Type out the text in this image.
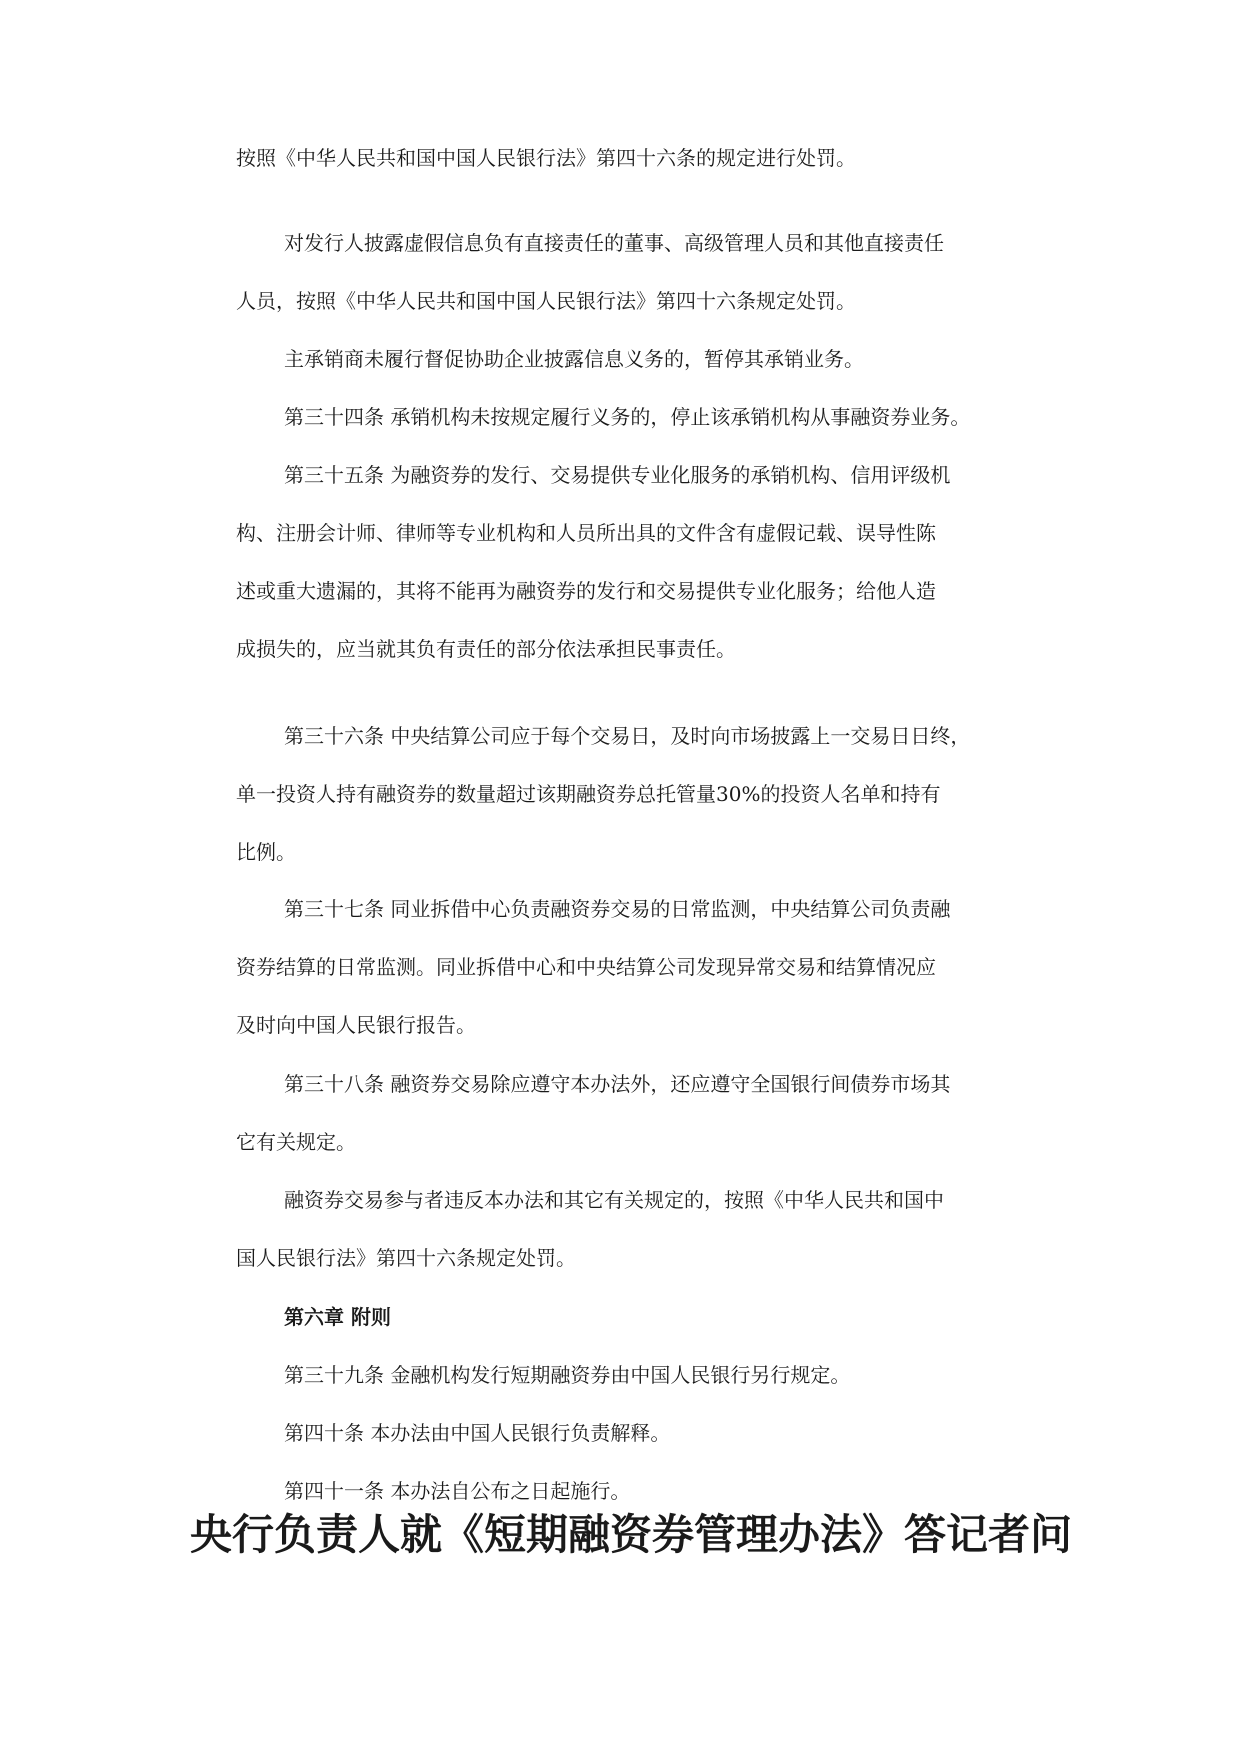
按照《中华人民共和国中国人民银行法》第四十六条的规定进行处罚。

对发行人披露虚假信息负有直接责任的董事、高级管理人员和其他直接责任
人员，按照《中华人民共和国中国人民银行法》第四十六条规定处罚。

主承销商未履行督促协助企业披露信息义务的，暂停其承销业务。

第三十四条 承销机构未按规定履行义务的，停止该承销机构从事融资券业务。

第三十五条 为融资券的发行、交易提供专业化服务的承销机构、信用评级机
构、注册会计师、律师等专业机构和人员所出具的文件含有虚假记载、误导性陈
述或重大遗漏的，其将不能再为融资券的发行和交易提供专业化服务；给他人造
成损失的，应当就其负有责任的部分依法承担民事责任。

第三十六条 中央结算公司应于每个交易日，及时向市场披露上一交易日日终，
单一投资人持有融资券的数量超过该期融资券总托管量30%的投资人名单和持有
比例。

第三十七条 同业拆借中心负责融资券交易的日常监测，中央结算公司负责融
资券结算的日常监测。同业拆借中心和中央结算公司发现异常交易和结算情况应
及时向中国人民银行报告。

第三十八条 融资券交易除应遵守本办法外，还应遵守全国银行间债券市场其
它有关规定。

融资券交易参与者违反本办法和其它有关规定的，按照《中华人民共和国中
国人民银行法》第四十六条规定处罚。

第六章 附则

第三十九条 金融机构发行短期融资券由中国人民银行另行规定。

第四十条 本办法由中国人民银行负责解释。

第四十一条 本办法自公布之日起施行。

央行负责人就《短期融资券管理办法》答记者问
